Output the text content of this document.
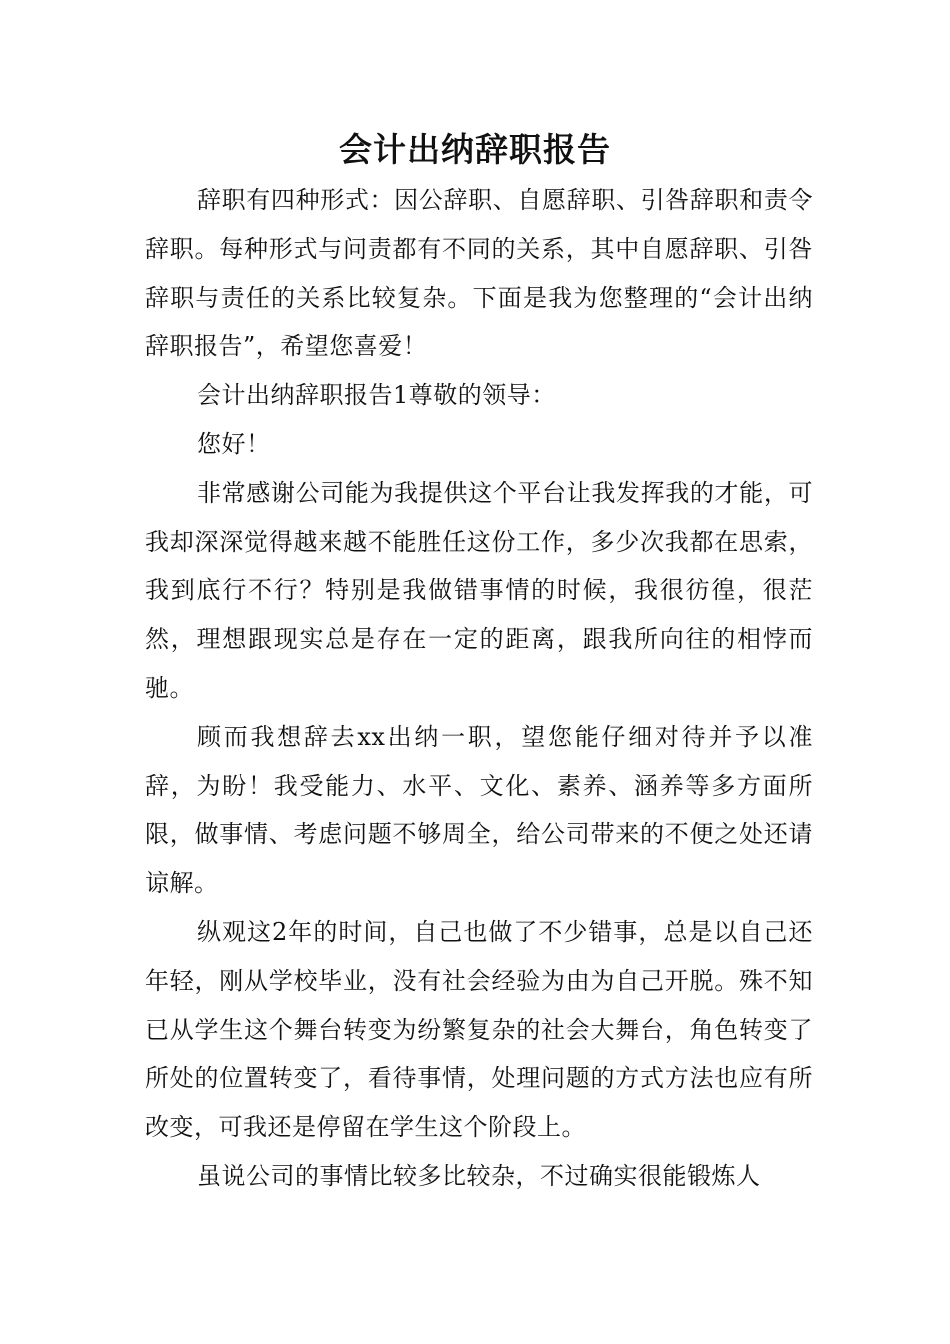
会计出纳辞职报告

辞职有四种形式：因公辞职、自愿辞职、引咎辞职和责令辞职。每种形式与问责都有不同的关系，其中自愿辞职、引咎辞职与责任的关系比较复杂。下面是我为您整理的“会计出纳辞职报告”，希望您喜爱！

会计出纳辞职报告1尊敬的领导：

您好！

非常感谢公司能为我提供这个平台让我发挥我的才能，可我却深深觉得越来越不能胜任这份工作，多少次我都在思索，我到底行不行？特别是我做错事情的时候，我很彷徨，很茫然，理想跟现实总是存在一定的距离，跟我所向往的相悖而驰。

顾而我想辞去xx出纳一职，望您能仔细对待并予以准辞，为盼！我受能力、水平、文化、素养、涵养等多方面所限，做事情、考虑问题不够周全，给公司带来的不便之处还请谅解。

纵观这2年的时间，自己也做了不少错事，总是以自己还年轻，刚从学校毕业，没有社会经验为由为自己开脱。殊不知已从学生这个舞台转变为纷繁复杂的社会大舞台，角色转变了所处的位置转变了，看待事情，处理问题的方式方法也应有所改变，可我还是停留在学生这个阶段上。

虽说公司的事情比较多比较杂，不过确实很能锻炼人
